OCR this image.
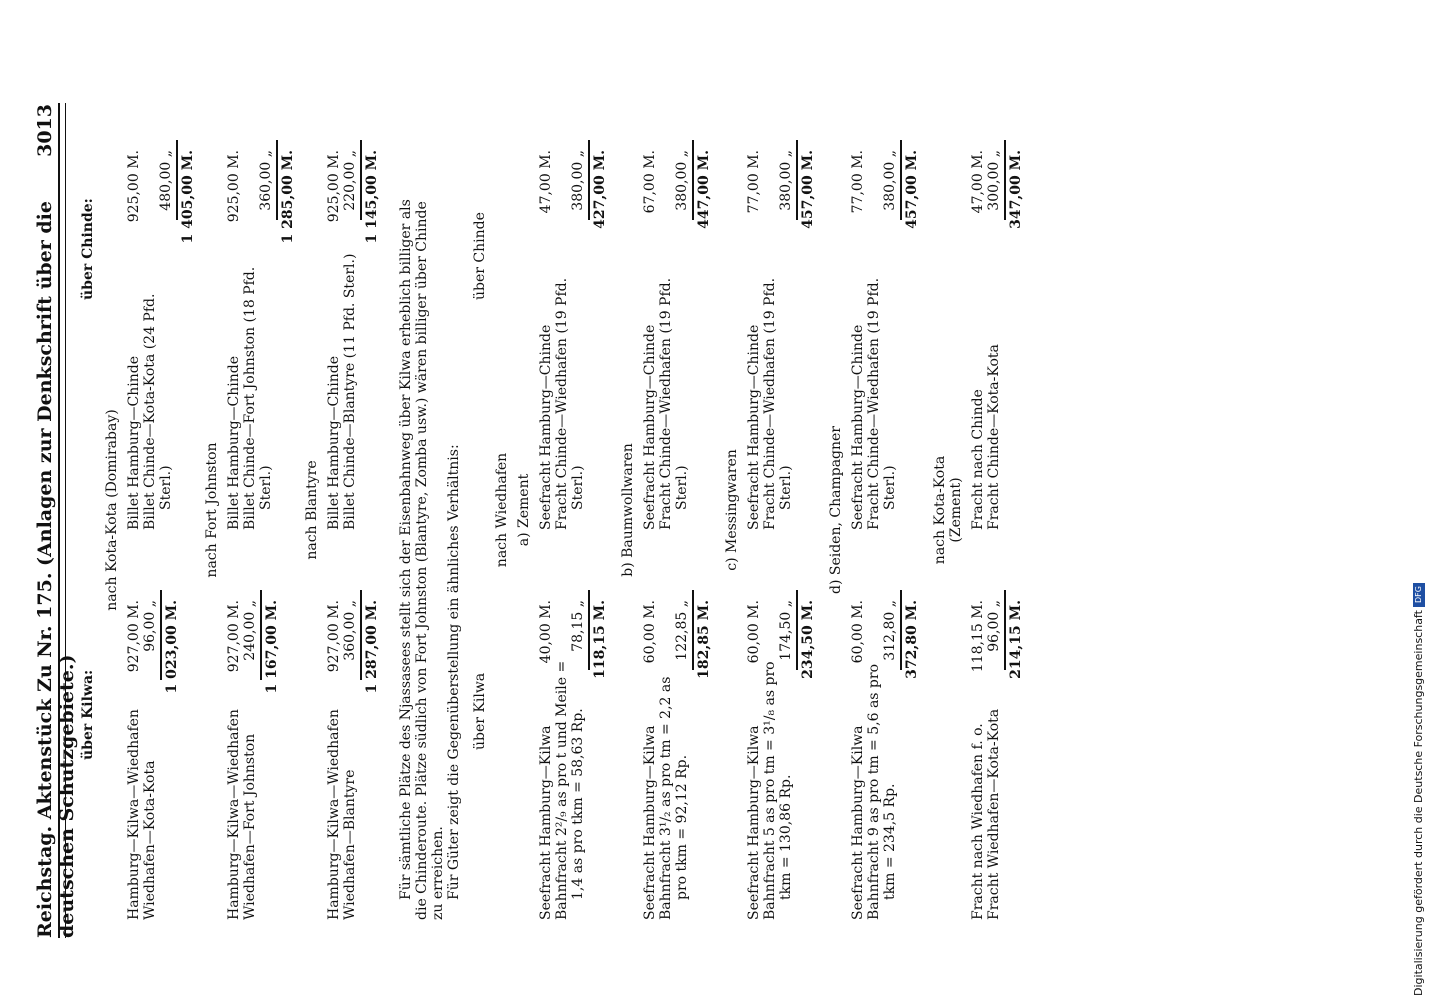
Reichstag. Aktenstück Zu Nr. 175. (Anlagen zur Denkschrift über die deutschen Schutzgebiete.)
3013
über Kilwa:
über Chinde:
nach Kota-Kota (Domirabay)
Hamburg—Kilwa—Wiedhafen
927,00 M.
Wiedhafen—Kota-Kota
96,00 „ 1 023,00 M.
Billet Hamburg—Chinde
925,00 M.
Billet Chinde—Kota-Kota (24 Pfd. Sterl.)
480,00 „ 1 405,00 M.
nach Fort Johnston
Hamburg—Kilwa—Wiedhafen
927,00 M.
Wiedhafen—Fort Johnston
240,00 „ 1 167,00 M.
Billet Hamburg—Chinde
925,00 M.
Billet Chinde—Fort Johnston (18 Pfd. Sterl.)
360,00 „ 1 285,00 M.
nach Blantyre
Hamburg—Kilwa—Wiedhafen
927,00 M.
Wiedhafen—Blantyre
360,00 „ 1 287,00 M.
Billet Hamburg—Chinde
925,00 M.
Billet Chinde—Blantyre (11 Pfd. Sterl.)
220,00 „ 1 145,00 M.
Für sämtliche Plätze des Njassasees stellt sich der Eisenbahnweg über Kilwa erheblich billiger als die Chinderoute. Plätze südlich von Fort Johnston (Blantyre, Zomba usw.) wären billiger über Chinde zu erreichen. Für Güter zeigt die Gegenüberstellung ein ähnliches Verhältnis: über Kilwa
über Chinde
nach Wiedhafen a) Zement
Seefracht Hamburg—Kilwa
40,00 M.
Bahnfracht 2²/₉ as pro t und Meile = 1,4 as pro tkm = 58,63 Rp.
78,15 „ 118,15 M.
Seefracht Hamburg—Chinde
47,00 M.
Fracht Chinde—Wiedhafen (19 Pfd. Sterl.)
380,00 „ 427,00 M.
b) Baumwollwaren
Seefracht Hamburg—Kilwa
60,00 M.
Bahnfracht 3¹/₂ as pro tm = 2,2 as pro tkm = 92,12 Rp.
122,85 „ 182,85 M.
Seefracht Hamburg—Chinde
67,00 M.
Fracht Chinde—Wiedhafen (19 Pfd. Sterl.)
380,00 „ 447,00 M.
c) Messingwaren
Seefracht Hamburg—Kilwa
60,00 M.
Bahnfracht 5 as pro tm = 3¹/₈ as pro tkm = 130,86 Rp.
174,50 „ 234,50 M.
Seefracht Hamburg—Chinde
77,00 M.
Fracht Chinde—Wiedhafen (19 Pfd. Sterl.)
380,00 „ 457,00 M.
d) Seiden, Champagner
Seefracht Hamburg—Kilwa
60,00 M.
Bahnfracht 9 as pro tm = 5,6 as pro tkm = 234,5 Rp.
312,80 „ 372,80 M.
Seefracht Hamburg—Chinde
77,00 M.
Fracht Chinde—Wiedhafen (19 Pfd. Sterl.)
380,00 „ 457,00 M.
nach Kota-Kota (Zement)
Fracht nach Wiedhafen f. o.
118,15 M.
Fracht Wiedhafen—Kota-Kota
96,00 „ 214,15 M.
Fracht nach Chinde
47,00 M.
Fracht Chinde—Kota-Kota
300,00 „ 347,00 M.
Digitalisierung gefördert durch die Deutsche Forschungsgemeinschaft DFG
